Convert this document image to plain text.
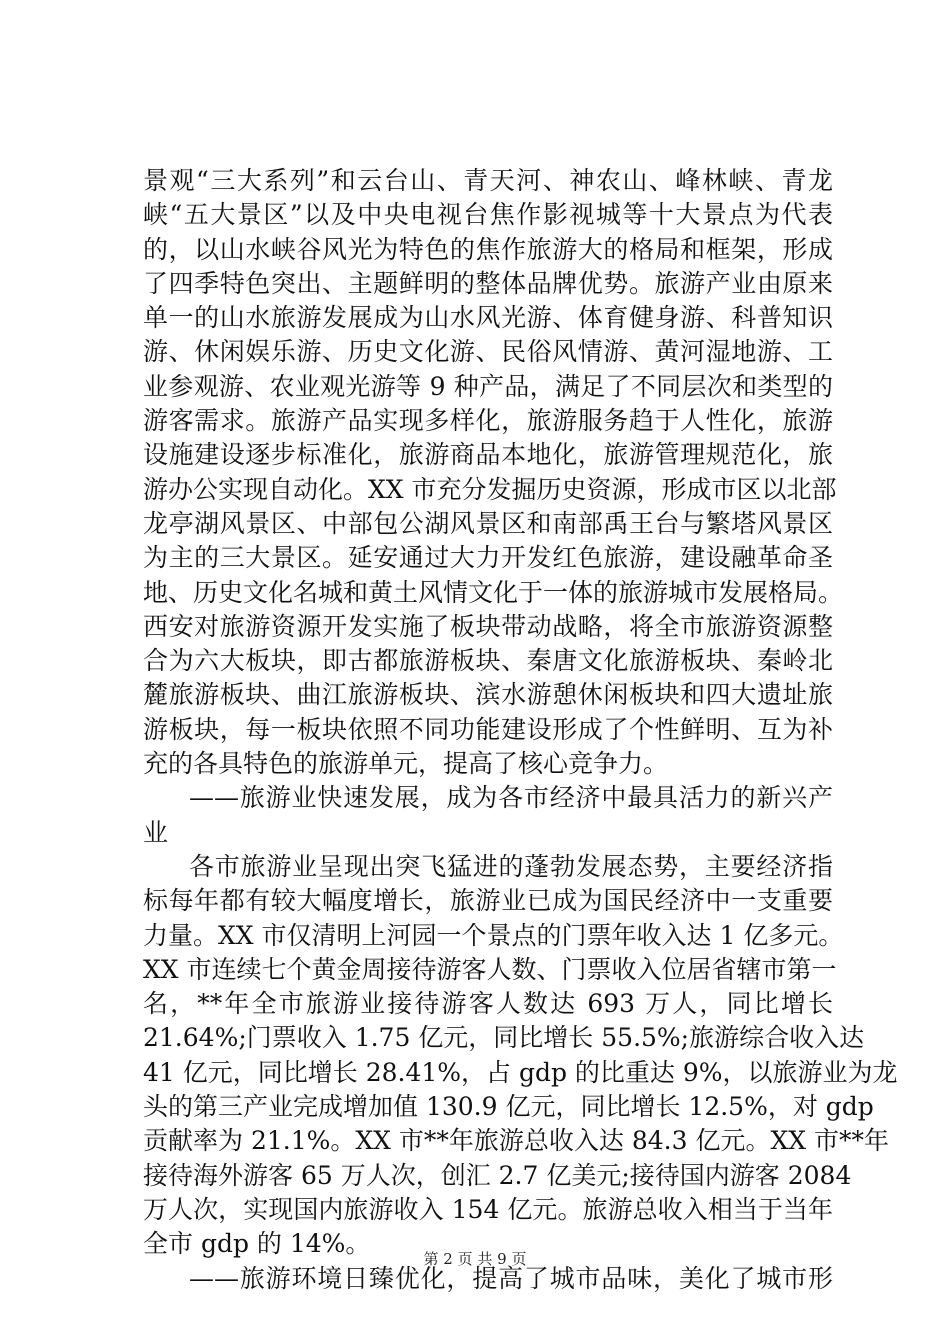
景观“三大系列”和云台山、青天河、神农山、峰林峡、青龙
峡“五大景区”以及中央电视台焦作影视城等十大景点为代表
的，以山水峡谷风光为特色的焦作旅游大的格局和框架，形成
了四季特色突出、主题鲜明的整体品牌优势。旅游产业由原来
单一的山水旅游发展成为山水风光游、体育健身游、科普知识
游、休闲娱乐游、历史文化游、民俗风情游、黄河湿地游、工
业参观游、农业观光游等 9 种产品，满足了不同层次和类型的
游客需求。旅游产品实现多样化，旅游服务趋于人性化，旅游
设施建设逐步标准化，旅游商品本地化，旅游管理规范化，旅
游办公实现自动化。XX 市充分发掘历史资源，形成市区以北部
龙亭湖风景区、中部包公湖风景区和南部禹王台与繁塔风景区
为主的三大景区。延安通过大力开发红色旅游，建设融革命圣
地、历史文化名城和黄土风情文化于一体的旅游城市发展格局。
西安对旅游资源开发实施了板块带动战略，将全市旅游资源整
合为六大板块，即古都旅游板块、秦唐文化旅游板块、秦岭北
麓旅游板块、曲江旅游板块、滨水游憩休闲板块和四大遗址旅
游板块，每一板块依照不同功能建设形成了个性鲜明、互为补
充的各具特色的旅游单元，提高了核心竞争力。
——旅游业快速发展，成为各市经济中最具活力的新兴产
业
各市旅游业呈现出突飞猛进的蓬勃发展态势，主要经济指
标每年都有较大幅度增长，旅游业已成为国民经济中一支重要
力量。XX 市仅清明上河园一个景点的门票年收入达 1 亿多元。
XX 市连续七个黄金周接待游客人数、门票收入位居省辖市第一
名，**年全市旅游业接待游客人数达 693 万人，同比增长
21.64%;门票收入 1.75 亿元，同比增长 55.5%;旅游综合收入达
41 亿元，同比增长 28.41%，占 gdp 的比重达 9%，以旅游业为龙
头的第三产业完成增加值 130.9 亿元，同比增长 12.5%，对 gdp
贡献率为 21.1%。XX 市**年旅游总收入达 84.3 亿元。XX 市**年
接待海外游客 65 万人次，创汇 2.7 亿美元;接待国内游客 2084
万人次，实现国内旅游收入 154 亿元。旅游总收入相当于当年
全市 gdp 的 14%。
——旅游环境日臻优化，提高了城市品味，美化了城市形
第 2 页 共 9 页
